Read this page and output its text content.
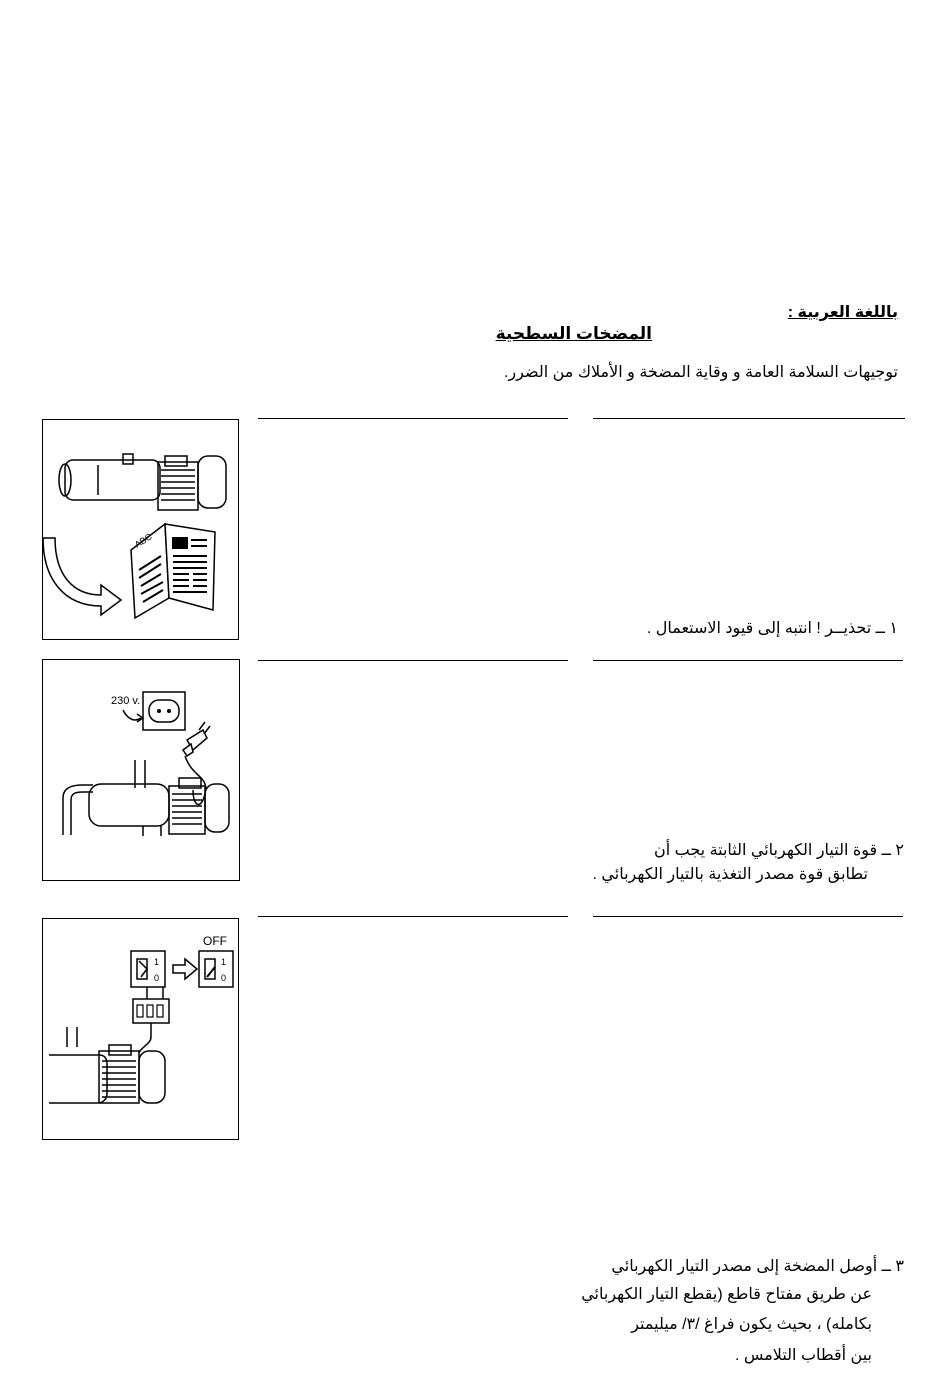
باللغة العربية :
المضخات السطحية
توجيهات السلامة العامة و وقاية المضخة و الأملاك من الضرر.
ABC
١ ــ تحذيــر ! انتبه إلى قيود الاستعمال .
230 v.
٢ ــ قوة التيار الكهربائي الثابتة يجب أن
تطابق قوة مصدر التغذية بالتيار الكهربائي .
OFF
1
0
1
0
٣ ــ أوصل المضخة إلى مصدر التيار الكهربائي
عن طريق مفتاح قاطع (يقطع التيار الكهربائي
بكامله) ، بحيث يكون فراغ /٣/ ميليمتر
بين أقطاب التلامس .
